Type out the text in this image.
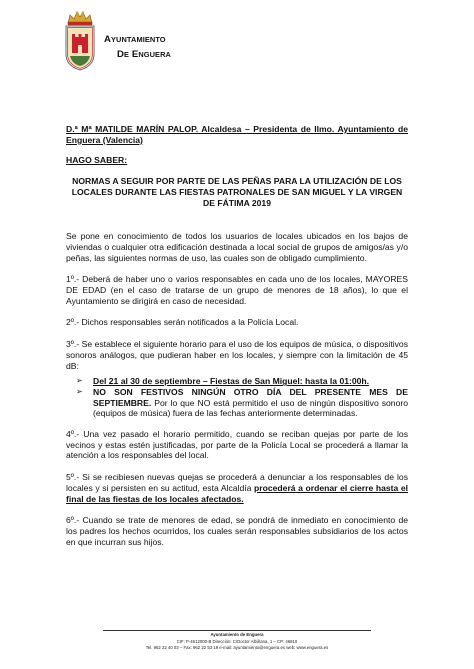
AYUNTAMIENTO
DE ENGUERA

D.ª Mª MATILDE MARÍN PALOP. Alcaldesa – Presidenta de Ilmo. Ayuntamiento de Enguera (Valencia)

HAGO SABER:

NORMAS A SEGUIR POR PARTE DE LAS PEÑAS PARA LA UTILIZACIÓN DE LOS LOCALES DURANTE LAS FIESTAS PATRONALES DE SAN MIGUEL Y LA VIRGEN DE FÁTIMA 2019

Se pone en conocimiento de todos los usuarios de locales ubicados en los bajos de viviendas o cualquier otra edificación destinada a local social de grupos de amigos/as y/o peñas, las siguientes normas de uso, las cuales son de obligado cumplimiento.

1º.- Deberá de haber uno o varios responsables en cada uno de los locales, MAYORES DE EDAD (en el caso de tratarse de un grupo de menores de 18 años), lo que el Ayuntamiento se dirigirá en caso de necesidad.

2º.- Dichos responsables serán notificados a la Policía Local.

3º.- Se establece el siguiente horario para el uso de los equipos de música, o dispositivos sonoros análogos, que pudieran haber en los locales, y siempre con la limitación de 45 dB:

➢ Del 21 al 30 de septiembre – Fiestas de San Miguel: hasta la 01:00h.
➢ NO SON FESTIVOS NINGÚN OTRO DÍA DEL PRESENTE MES DE SEPTIEMBRE. Por lo que NO está permitido el uso de ningún dispositivo sonoro (equipos de música) fuera de las fechas anteriormente determinadas.

4º.- Una vez pasado el horario permitido, cuando se reciban quejas por parte de los vecinos y estas estén justificadas, por parte de la Policía Local se procederá a llamar la atención a los responsables del local.

5º.- Si se recibiesen nuevas quejas se procederá a denunciar a los responsables de los locales y si persisten en su actitud, esta Alcaldía procederá a ordenar el cierre hasta el final de las fiestas de los locales afectados.

6º.- Cuando se trate de menores de edad, se pondrá de inmediato en conocimiento de los padres los hechos ocurridos, los cuales serán responsables subsidiarios de los actos en que incurran sus hijos.

Ayuntamiento de Enguera
CIF: P-4612000-B Dirección: C/Doctor Albiñana, 1 – CP: 46810
Tel. 962 22 40 03 – Fax: 962 22 53 19 e-mail: ayuntamiento@enguera.es web: www.enguera.es
